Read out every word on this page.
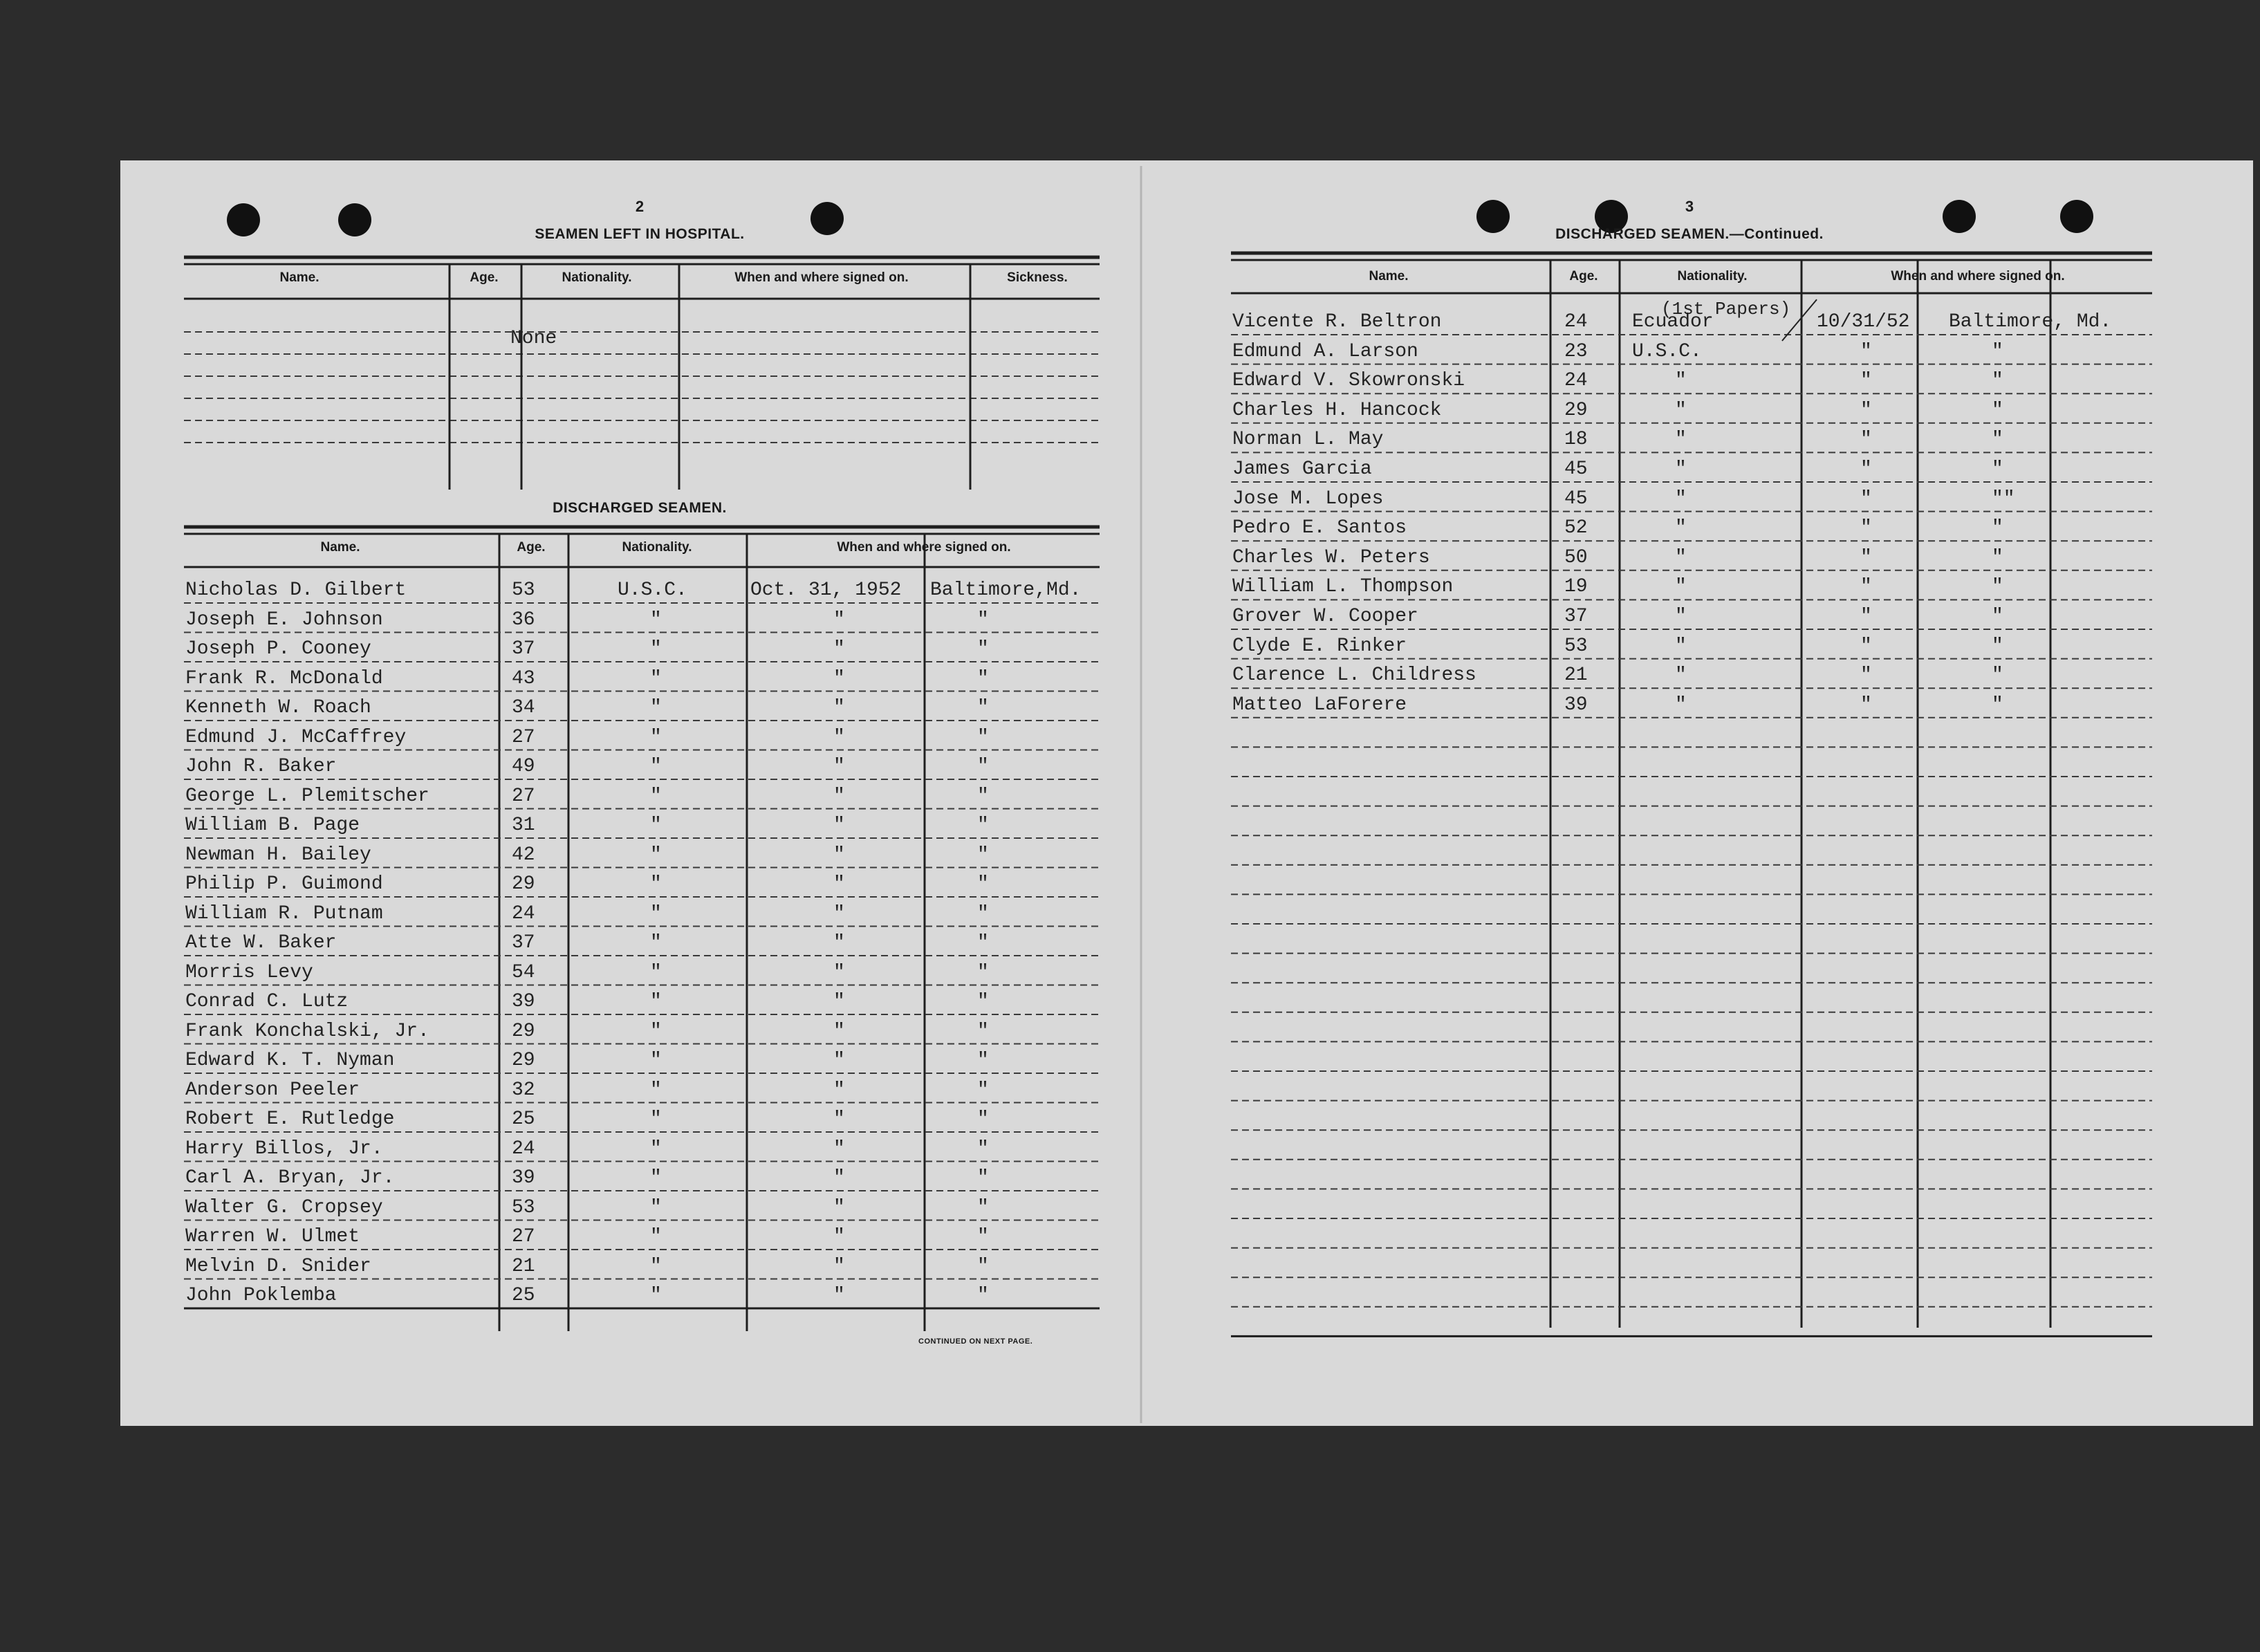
2
SEAMEN LEFT IN HOSPITAL.
Name.	Age.	Nationality.	When and where signed on.	Sickness.
None
DISCHARGED SEAMEN.
Name.	Age.	Nationality.	When and where signed on.
Nicholas D. Gilbert	53	U.S.C.	Oct. 31, 1952 Baltimore,Md.
Joseph E. Johnson	36	"	"	"
Joseph P. Cooney	37	"	"	"
Frank R. McDonald	43	"	"	"
Kenneth W. Roach	34	"	"	"
Edmund J. McCaffrey	27	"	"	"
John R. Baker	49	"	"	"
George L. Plemitscher	27	"	"	"
William B. Page	31	"	"	"
Newman H. Bailey	42	"	"	"
Philip P. Guimond	29	"	"	"
William R. Putnam	24	"	"	"
Atte W. Baker	37	"	"	"
Morris Levy	54	"	"	"
Conrad C. Lutz	39	"	"	"
Frank Konchalski, Jr.	29	"	"	"
Edward K. T. Nyman	29	"	"	"
Anderson Peeler	32	"	"	"
Robert E. Rutledge	25	"	"	"
Harry Billos, Jr.	24	"	"	"
Carl A. Bryan, Jr.	39	"	"	"
Walter G. Cropsey	53	"	"	"
Warren W. Ulmet	27	"	"	"
Melvin D. Snider	21	"	"	"
John Poklemba	25	"	"	"
CONTINUED ON NEXT PAGE.
3
DISCHARGED SEAMEN.—Continued.
Name.	Age.	Nationality.	When and where signed on.
(1st Papers)
Vicente R. Beltron	24 Ecuador	10/31/52 Baltimore, Md.
Edmund A. Larson	23 U.S.C.	"	"
Edward V. Skowronski	24	"	"	"
Charles H. Hancock	29	"	"	"
Norman L. May	18	"	"	"
James Garcia	45	"	"	"
Jose M. Lopes	45	"	"	""
Pedro E. Santos	52	"	"	"
Charles W. Peters	50	"	"	"
William L. Thompson	19	"	"	"
Grover W. Cooper	37	"	"	"
Clyde E. Rinker	53	"	"	"
Clarence L. Childress	21	"	"	"
Matteo LaForere	39	"	"	"
